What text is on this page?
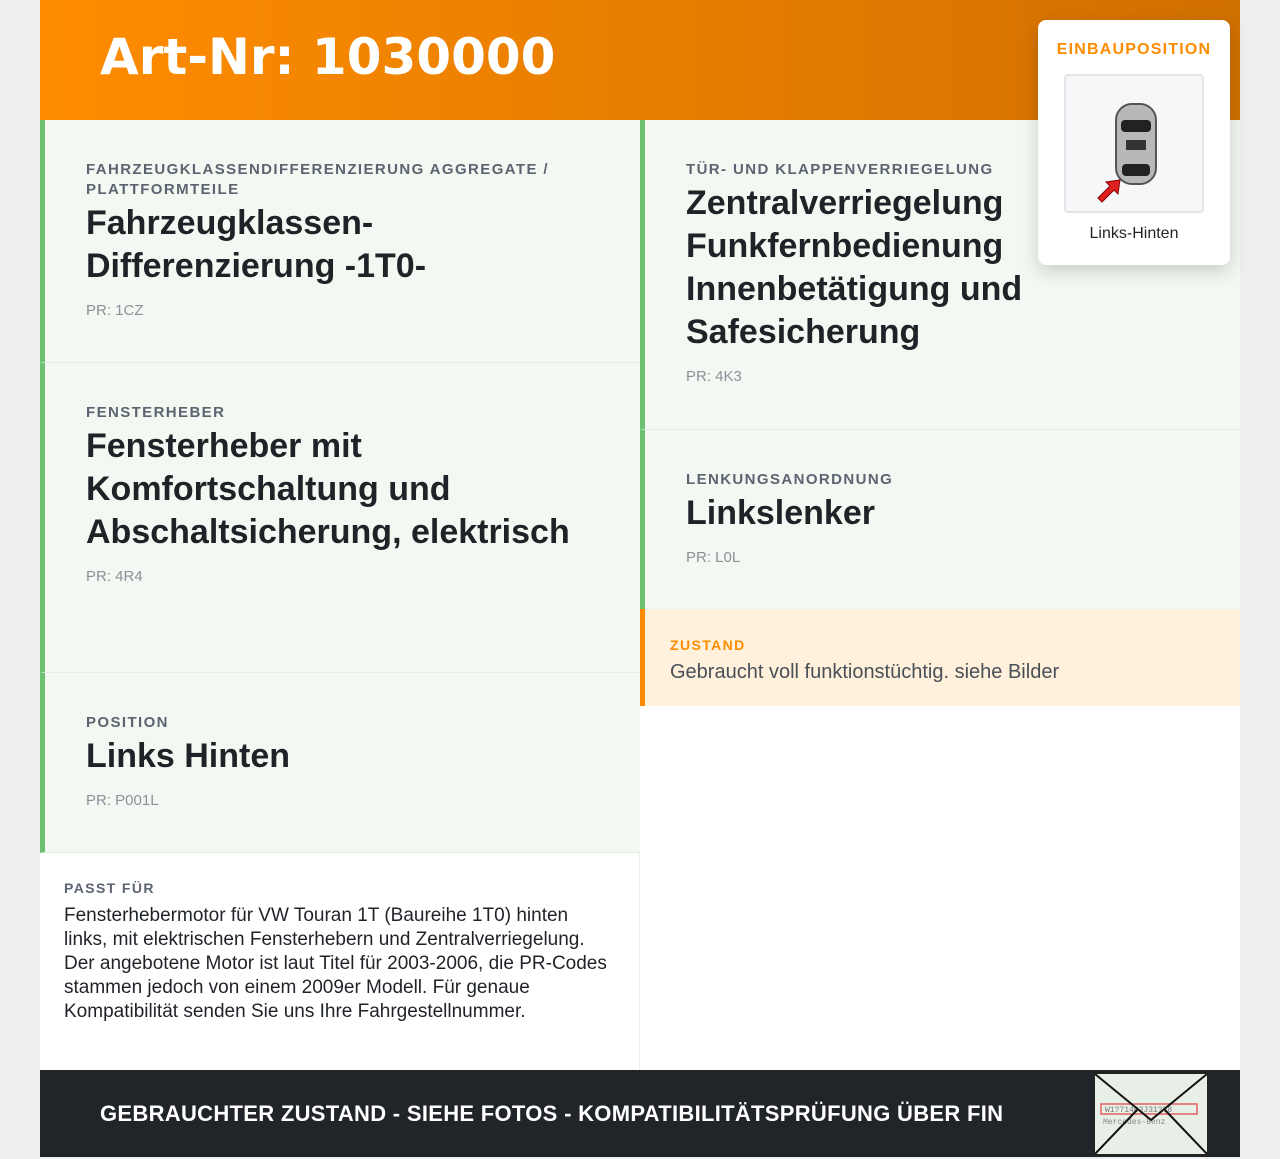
Art-Nr: 1030000
FAHRZEUGKLASSENDIFFERENZIERUNG AGGREGATE / PLATTFORMTEILE
Fahrzeugklassen-Differenzierung -1T0-
PR: 1CZ
FENSTERHEBER
Fensterheber mit Komfortschaltung und Abschaltsicherung, elektrisch
PR: 4R4
POSITION
Links Hinten
PR: P001L
TÜR- UND KLAPPENVERRIEGELUNG
Zentralverriegelung Funkfernbedienung Innenbetätigung und Safesicherung
PR: 4K3
LENKUNGSANORDNUNG
Linkslenker
PR: L0L
ZUSTAND

Gebraucht voll funktionstüchtig. siehe Bilder

PASST FÜR

Fensterhebermotor für VW Touran 1T (Baureihe 1T0) hinten links, mit elektrischen Fensterhebern und Zentralverriegelung. Der angebotene Motor ist laut Titel für 2003-2006, die PR-Codes stammen jedoch von einem 2009er Modell. Für genaue Kompatibilität senden Sie uns Ihre Fahrgestellnummer.

GEBRAUCHTER ZUSTAND - SIEHE FOTOS - KOMPATIBILITÄTSPRÜFUNG ÜBER FIN	W1?71463J31??8
Mercedes-Benz
EINBAUPOSITION
Links-Hinten
